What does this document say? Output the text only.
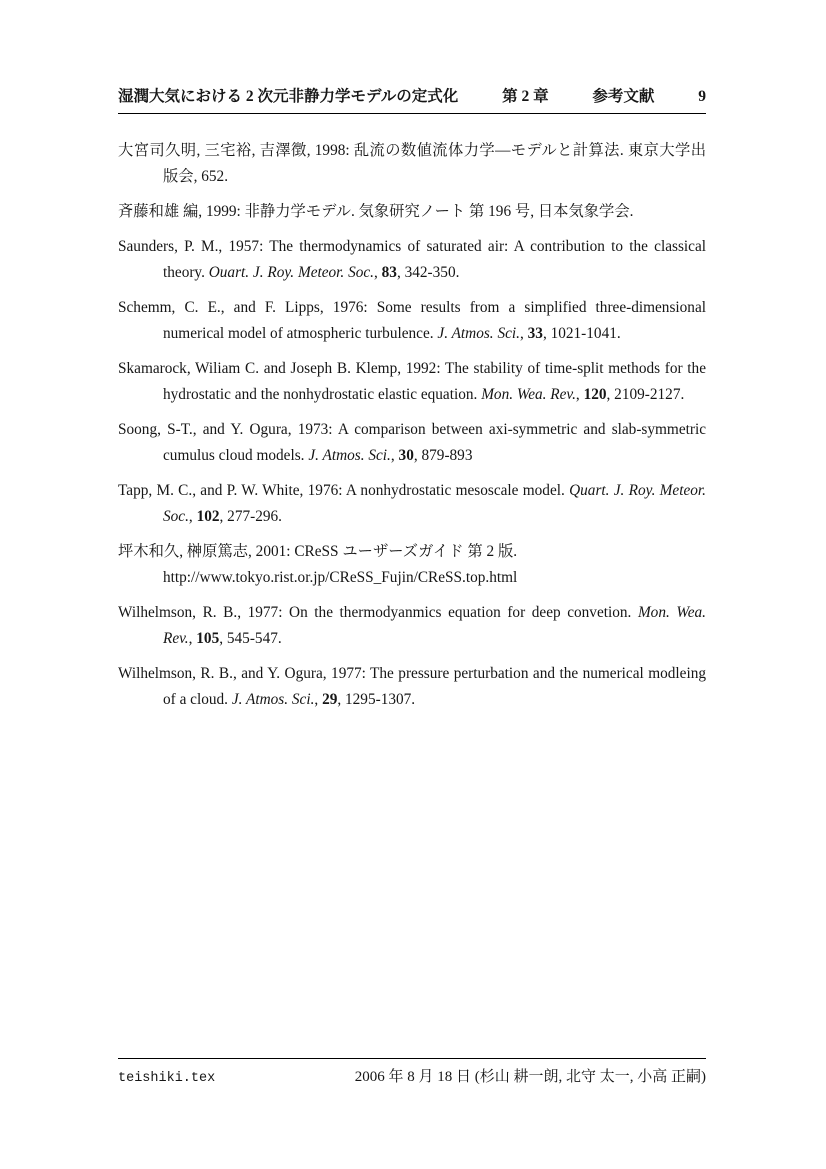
湿潤大気における 2 次元非静力学モデルの定式化	第 2 章	参考文献	9

大宮司久明, 三宅裕, 吉澤徴, 1998: 乱流の数値流体力学—モデルと計算法. 東京大学出版会, 652.

斉藤和雄 編, 1999: 非静力学モデル. 気象研究ノート 第 196 号, 日本気象学会.

Saunders, P. M., 1957: The thermodynamics of saturated air: A contribution to the classical theory. Ouart. J. Roy. Meteor. Soc., 83, 342-350.

Schemm, C. E., and F. Lipps, 1976: Some results from a simplified three-dimensional numerical model of atmospheric turbulence. J. Atmos. Sci., 33, 1021-1041.

Skamarock, Wiliam C. and Joseph B. Klemp, 1992: The stability of time-split methods for the hydrostatic and the nonhydrostatic elastic equation. Mon. Wea. Rev., 120, 2109-2127.

Soong, S-T., and Y. Ogura, 1973: A comparison between axi-symmetric and slab-symmetric cumulus cloud models. J. Atmos. Sci., 30, 879-893

Tapp, M. C., and P. W. White, 1976: A nonhydrostatic mesoscale model. Quart. J. Roy. Meteor. Soc., 102, 277-296.

坪木和久, 榊原篤志, 2001: CReSS ユーザーズガイド 第 2 版.
http://www.tokyo.rist.or.jp/CReSS_Fujin/CReSS.top.html

Wilhelmson, R. B., 1977: On the thermodyanmics equation for deep convetion. Mon. Wea. Rev., 105, 545-547.

Wilhelmson, R. B., and Y. Ogura, 1977: The pressure perturbation and the numerical modleing of a cloud. J. Atmos. Sci., 29, 1295-1307.

teishiki.tex	2006 年 8 月 18 日 (杉山 耕一朗, 北守 太一, 小高 正嗣)
